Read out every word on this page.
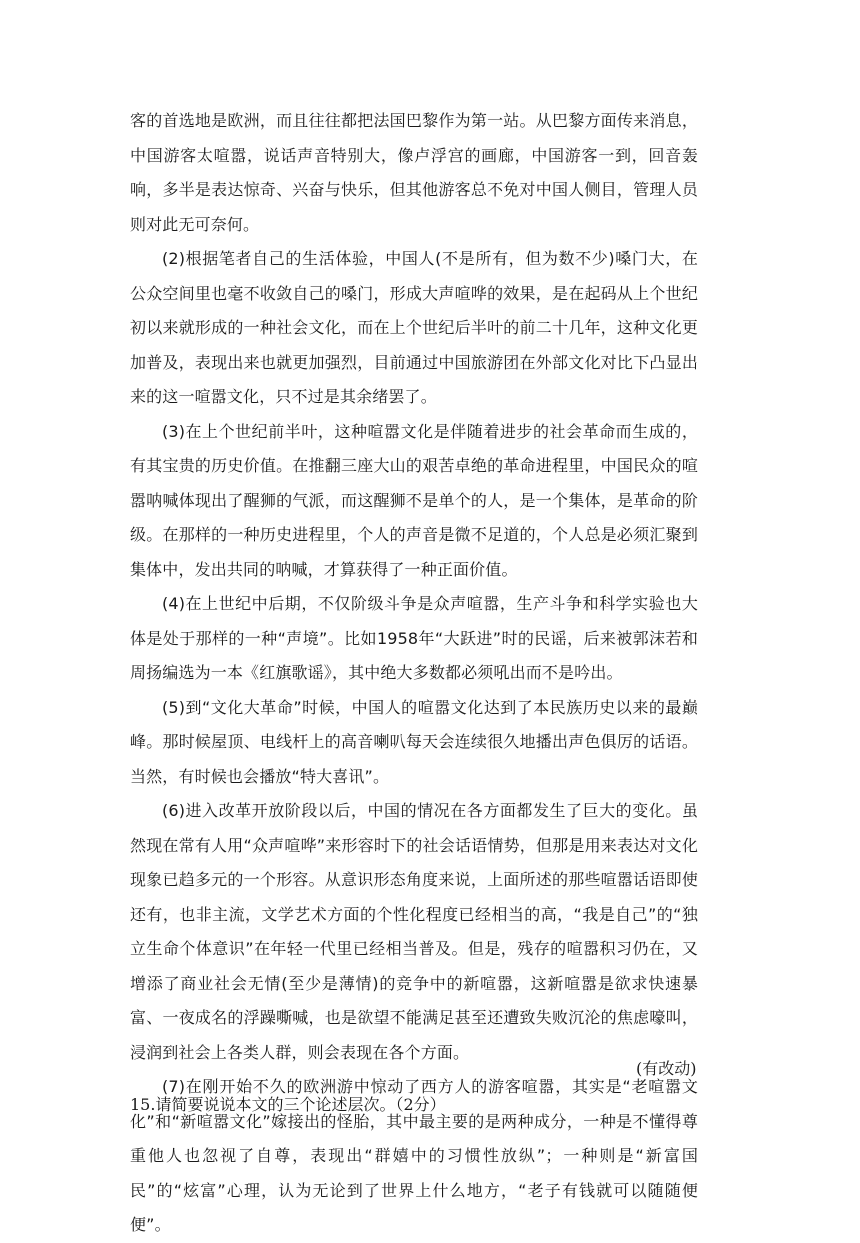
客的首选地是欧洲，而且往往都把法国巴黎作为第一站。从巴黎方面传来消息，中国游客太喧嚣，说话声音特别大，像卢浮宫的画廊，中国游客一到，回音轰响，多半是表达惊奇、兴奋与快乐，但其他游客总不免对中国人侧目，管理人员则对此无可奈何。

(2)根据笔者自己的生活体验，中国人(不是所有，但为数不少)嗓门大，在公众空间里也毫不收敛自己的嗓门，形成大声喧哗的效果，是在起码从上个世纪初以来就形成的一种社会文化，而在上个世纪后半叶的前二十几年，这种文化更加普及，表现出来也就更加强烈，目前通过中国旅游团在外部文化对比下凸显出来的这一喧嚣文化，只不过是其余绪罢了。

(3)在上个世纪前半叶，这种喧嚣文化是伴随着进步的社会革命而生成的，有其宝贵的历史价值。在推翻三座大山的艰苦卓绝的革命进程里，中国民众的喧嚣呐喊体现出了醒狮的气派，而这醒狮不是单个的人，是一个集体，是革命的阶级。在那样的一种历史进程里，个人的声音是微不足道的，个人总是必须汇聚到集体中，发出共同的呐喊，才算获得了一种正面价值。

(4)在上世纪中后期，不仅阶级斗争是众声喧嚣，生产斗争和科学实验也大体是处于那样的一种“声境”。比如1958年“大跃进”时的民谣，后来被郭沫若和周扬编选为一本《红旗歌谣》，其中绝大多数都必须吼出而不是吟出。

(5)到“文化大革命”时候，中国人的喧嚣文化达到了本民族历史以来的最巅峰。那时候屋顶、电线杆上的高音喇叭每天会连续很久地播出声色俱厉的话语。当然，有时候也会播放“特大喜讯”。

(6)进入改革开放阶段以后，中国的情况在各方面都发生了巨大的变化。虽然现在常有人用“众声喧哗”来形容时下的社会话语情势，但那是用来表达对文化现象已趋多元的一个形容。从意识形态角度来说，上面所述的那些喧嚣话语即使还有，也非主流，文学艺术方面的个性化程度已经相当的高，“我是自己”的“独立生命个体意识”在年轻一代里已经相当普及。但是，残存的喧嚣积习仍在，又增添了商业社会无情(至少是薄情)的竞争中的新喧嚣，这新喧嚣是欲求快速暴富、一夜成名的浮躁嘶喊，也是欲望不能满足甚至还遭致失败沉沦的焦虑嚎叫，浸润到社会上各类人群，则会表现在各个方面。

(7)在刚开始不久的欧洲游中惊动了西方人的游客喧嚣，其实是“老喧嚣文化”和“新喧嚣文化”嫁接出的怪胎，其中最主要的是两种成分，一种是不懂得尊重他人也忽视了自尊，表现出“群嬉中的习惯性放纵”；一种则是“新富国民”的“炫富”心理，认为无论到了世界上什么地方，“老子有钱就可以随随便便”。

(有改动)
15.请简要说说本文的三个论述层次。（2分）
